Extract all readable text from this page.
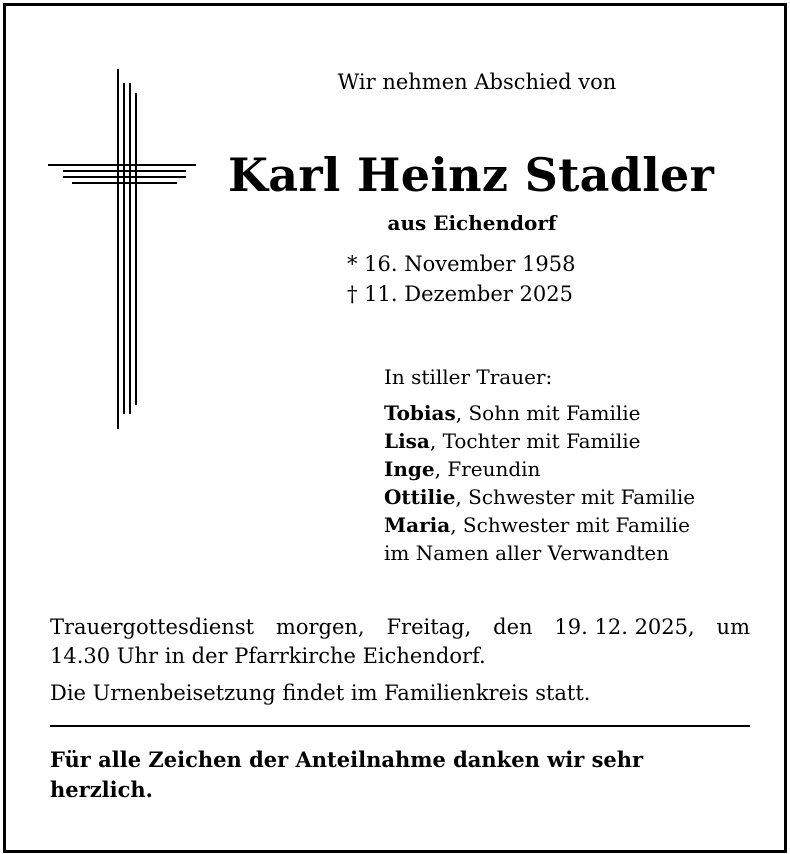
Wir nehmen Abschied von
Karl Heinz Stadler
aus Eichendorf
* 16. November 1958
† 11. Dezember 2025
In stiller Trauer:
Tobias, Sohn mit Familie
Lisa, Tochter mit Familie
Inge, Freundin
Ottilie, Schwester mit Familie
Maria, Schwester mit Familie
im Namen aller Verwandten
Trauergottesdienst morgen, Freitag, den 19. 12. 2025, um
14.30 Uhr in der Pfarrkirche Eichendorf.
Die Urnenbeisetzung findet im Familienkreis statt.
Für alle Zeichen der Anteilnahme danken wir sehr herzlich.
